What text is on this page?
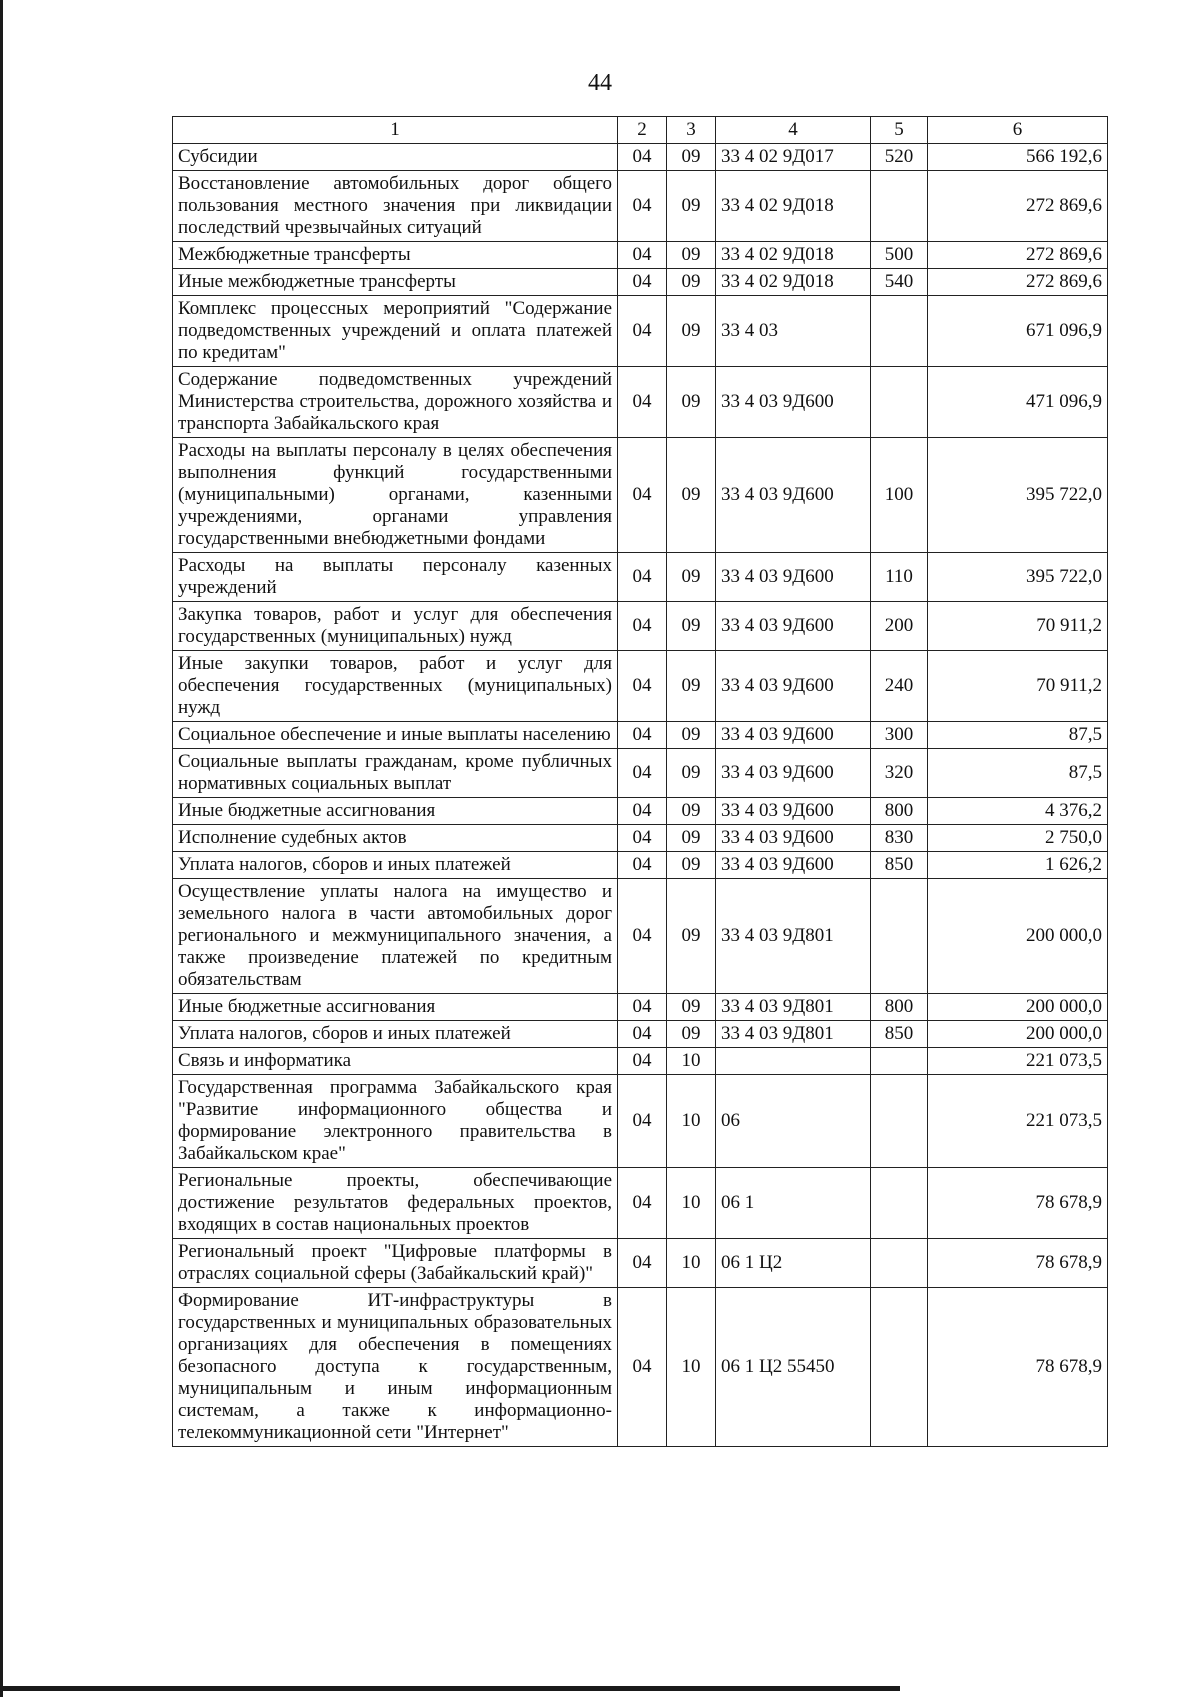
44
1	2	3	4	5	6
Субсидии	04	09	33 4 02 9Д017	520	566 192,6
Восстановление автомобильных дорог общего пользования местного значения при ликвидации последствий чрезвычайных ситуаций	04	09	33 4 02 9Д018		272 869,6
Межбюджетные трансферты	04	09	33 4 02 9Д018	500	272 869,6
Иные межбюджетные трансферты	04	09	33 4 02 9Д018	540	272 869,6
Комплекс процессных мероприятий "Содержание подведомственных учреждений и оплата платежей по кредитам"	04	09	33 4 03		671 096,9
Содержание подведомственных учреждений Министерства строительства, дорожного хозяйства и транспорта Забайкальского края	04	09	33 4 03 9Д600		471 096,9
Расходы на выплаты персоналу в целях обеспечения выполнения функций государственными (муниципальными) органами, казенными учреждениями, органами управления государственными внебюджетными фондами	04	09	33 4 03 9Д600	100	395 722,0
Расходы на выплаты персоналу казенных учреждений	04	09	33 4 03 9Д600	110	395 722,0
Закупка товаров, работ и услуг для обеспечения государственных (муниципальных) нужд	04	09	33 4 03 9Д600	200	70 911,2
Иные закупки товаров, работ и услуг для обеспечения государственных (муниципальных) нужд	04	09	33 4 03 9Д600	240	70 911,2
Социальное обеспечение и иные выплаты населению	04	09	33 4 03 9Д600	300	87,5
Социальные выплаты гражданам, кроме публичных нормативных социальных выплат	04	09	33 4 03 9Д600	320	87,5
Иные бюджетные ассигнования	04	09	33 4 03 9Д600	800	4 376,2
Исполнение судебных актов	04	09	33 4 03 9Д600	830	2 750,0
Уплата налогов, сборов и иных платежей	04	09	33 4 03 9Д600	850	1 626,2
Осуществление уплаты налога на имущество и земельного налога в части автомобильных дорог регионального и межмуниципального значения, а также произведение платежей по кредитным обязательствам	04	09	33 4 03 9Д801		200 000,0
Иные бюджетные ассигнования	04	09	33 4 03 9Д801	800	200 000,0
Уплата налогов, сборов и иных платежей	04	09	33 4 03 9Д801	850	200 000,0
Связь и информатика	04	10			221 073,5
Государственная программа Забайкальского края "Развитие информационного общества и формирование электронного правительства в Забайкальском крае"	04	10	06		221 073,5
Региональные проекты, обеспечивающие достижение результатов федеральных проектов, входящих в состав национальных проектов	04	10	06 1		78 678,9
Региональный проект "Цифровые платформы в отраслях социальной сферы (Забайкальский край)"	04	10	06 1 Ц2		78 678,9
Формирование ИТ-инфраструктуры в государственных и муниципальных образовательных организациях для обеспечения в помещениях безопасного доступа к государственным, муниципальным и иным информационным системам, а также к информационно-телекоммуникационной сети "Интернет"	04	10	06 1 Ц2 55450		78 678,9
